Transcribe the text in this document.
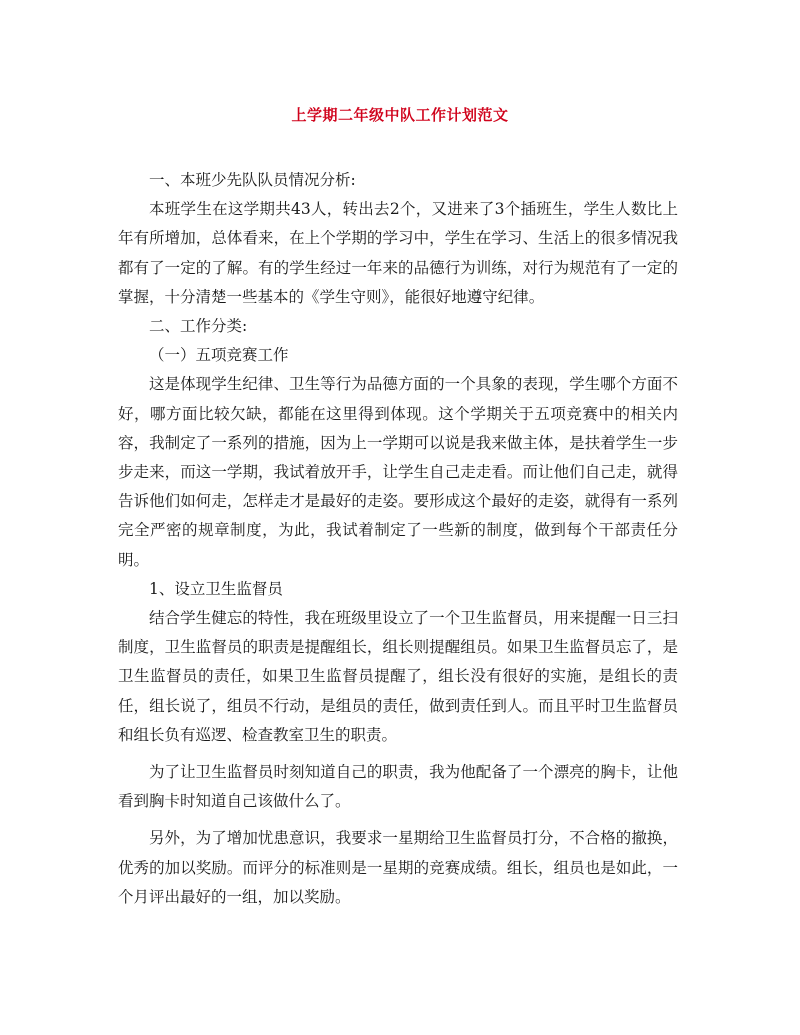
上学期二年级中队工作计划范文

一、本班少先队队员情况分析:

本班学生在这学期共43人，转出去2个，又进来了3个插班生，学生人数比上年有所增加，总体看来，在上个学期的学习中，学生在学习、生活上的很多情况我都有了一定的了解。有的学生经过一年来的品德行为训练，对行为规范有了一定的掌握，十分清楚一些基本的《学生守则》，能很好地遵守纪律。

二、工作分类:

（一）五项竞赛工作

这是体现学生纪律、卫生等行为品德方面的一个具象的表现，学生哪个方面不好，哪方面比较欠缺，都能在这里得到体现。这个学期关于五项竞赛中的相关内容，我制定了一系列的措施，因为上一学期可以说是我来做主体，是扶着学生一步步走来，而这一学期，我试着放开手，让学生自己走走看。而让他们自己走，就得告诉他们如何走，怎样走才是最好的走姿。要形成这个最好的走姿，就得有一系列完全严密的规章制度，为此，我试着制定了一些新的制度，做到每个干部责任分明。

1、设立卫生监督员

结合学生健忘的特性，我在班级里设立了一个卫生监督员，用来提醒一日三扫制度，卫生监督员的职责是提醒组长，组长则提醒组员。如果卫生监督员忘了，是卫生监督员的责任，如果卫生监督员提醒了，组长没有很好的实施，是组长的责任，组长说了，组员不行动，是组员的责任，做到责任到人。而且平时卫生监督员和组长负有巡逻、检查教室卫生的职责。

为了让卫生监督员时刻知道自己的职责，我为他配备了一个漂亮的胸卡，让他看到胸卡时知道自己该做什么了。

另外，为了增加忧患意识，我要求一星期给卫生监督员打分，不合格的撤换，优秀的加以奖励。而评分的标准则是一星期的竞赛成绩。组长，组员也是如此，一个月评出最好的一组，加以奖励。
